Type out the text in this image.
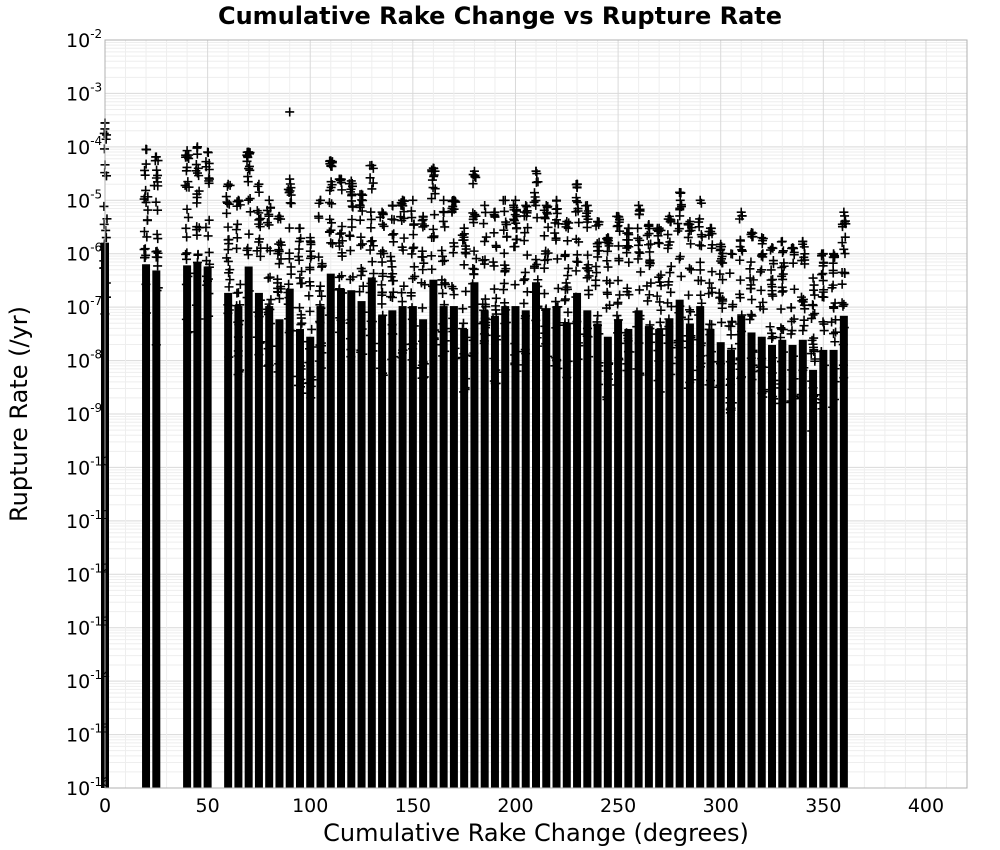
Cumulative Rake Change vs Rupture Rate
0	50	100	150	200	250	300	350	400
$10^{-2}$
$10^{-3}$
$10^{-4}$
$10^{-5}$
$10^{-6}$
$10^{-7}$
$10^{-8}$
$10^{-9}$
$10^{-10}$
$10^{-11}$
$10^{-12}$
$10^{-13}$
$10^{-14}$
$10^{-15}$
$10^{-16}$
Cumulative Rake Change (degrees)
Rupture Rate (/yr)
